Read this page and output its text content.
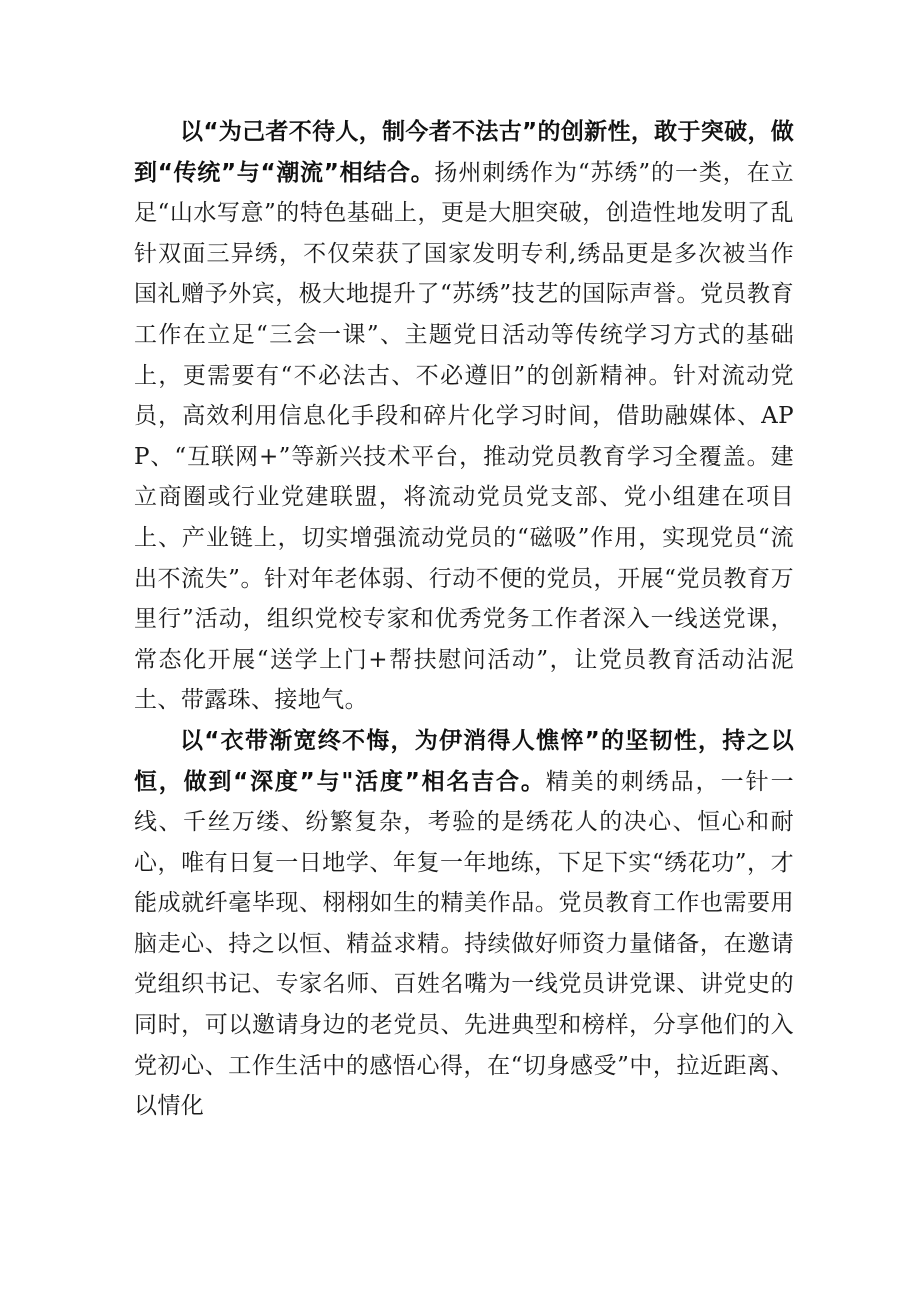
以“为己者不待人，制今者不法古”的创新性，敢于突破，做到“传统”与“潮流”相结合。扬州刺绣作为“苏绣”的一类，在立足“山水写意”的特色基础上，更是大胆突破，创造性地发明了乱针双面三异绣，不仅荣获了国家发明专利,绣品更是多次被当作国礼赠予外宾，极大地提升了“苏绣”技艺的国际声誉。党员教育工作在立足“三会一课”、主题党日活动等传统学习方式的基础上，更需要有“不必法古、不必遵旧”的创新精神。针对流动党员，高效利用信息化手段和碎片化学习时间，借助融媒体、APP、“互联网+”等新兴技术平台，推动党员教育学习全覆盖。建立商圈或行业党建联盟，将流动党员党支部、党小组建在项目上、产业链上，切实增强流动党员的“磁吸”作用，实现党员“流出不流失”。针对年老体弱、行动不便的党员，开展“党员教育万里行”活动，组织党校专家和优秀党务工作者深入一线送党课，常态化开展“送学上门+帮扶慰问活动”，让党员教育活动沾泥土、带露珠、接地气。

以“衣带渐宽终不悔，为伊消得人憔悴”的坚韧性，持之以恒，做到“深度”与"活度”相名吉合。精美的刺绣品，一针一线、千丝万缕、纷繁复杂，考验的是绣花人的决心、恒心和耐心，唯有日复一日地学、年复一年地练，下足下实“绣花功”，才能成就纤毫毕现、栩栩如生的精美作品。党员教育工作也需要用脑走心、持之以恒、精益求精。持续做好师资力量储备，在邀请党组织书记、专家名师、百姓名嘴为一线党员讲党课、讲党史的同时，可以邀请身边的老党员、先进典型和榜样，分享他们的入党初心、工作生活中的感悟心得，在“切身感受”中，拉近距离、以情化
